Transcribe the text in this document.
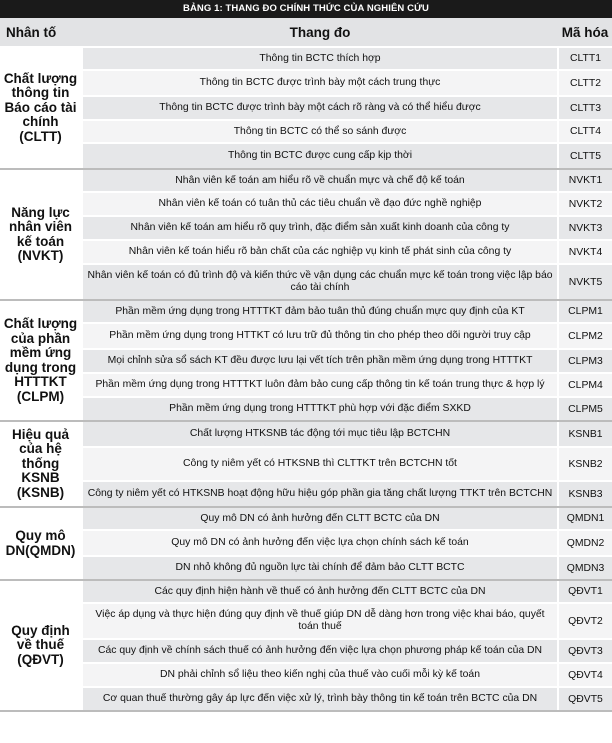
BẢNG 1: THANG ĐO CHÍNH THỨC CỦA NGHIÊN CỨU
Nhân tố	Thang đo	Mã hóa
Chất lượng thông tin Báo cáo tài chính (CLTT)	Thông tin BCTC thích hợp	CLTT1
	Thông tin BCTC được trình bày một cách trung thực	CLTT2
	Thông tin BCTC được trình bày một cách rõ ràng và có thể hiểu được	CLTT3
	Thông tin BCTC có thể so sánh được	CLTT4
	Thông tin BCTC được cung cấp kịp thời	CLTT5
Năng lực nhân viên kế toán (NVKT)	Nhân viên kế toán am hiểu rõ về chuẩn mực và chế độ kế toán	NVKT1
	Nhân viên kế toán có tuân thủ các tiêu chuẩn về đạo đức nghề nghiệp	NVKT2
	Nhân viên kế toán am hiểu rõ quy trình, đặc điểm sản xuất kinh doanh của công ty	NVKT3
	Nhân viên kế toán hiểu rõ bản chất của các nghiệp vụ kinh tế phát sinh của công ty	NVKT4
	Nhân viên kế toán có đủ trình độ và kiến thức về vận dụng các chuẩn mực kế toán trong việc lập báo cáo tài chính	NVKT5
Chất lượng của phần mềm ứng dụng trong HTTTKT (CLPM)	Phần mềm ứng dụng trong HTTTKT đảm bảo tuân thủ đúng chuẩn mực quy định của KT	CLPM1
	Phần mềm ứng dụng trong HTTKT có lưu trữ đủ thông tin cho phép theo dõi người truy cập	CLPM2
	Mọi chỉnh sửa sổ sách KT đều được lưu lại vết tích trên phần mềm ứng dụng trong HTTTKT	CLPM3
	Phần mềm ứng dụng trong HTTTKT luôn đảm bảo cung cấp thông tin kế toán trung thực & hợp lý	CLPM4
	Phần mềm ứng dụng trong HTTTKT phù hợp với đặc điểm SXKD	CLPM5
Hiệu quả của hệ thống KSNB (KSNB)	Chất lượng HTKSNB tác động tới mục tiêu lập BCTCHN	KSNB1
	Công ty niêm yết có HTKSNB thì CLTTKT trên BCTCHN tốt	KSNB2
	Công ty niêm yết có HTKSNB hoạt động hữu hiệu góp phần gia tăng chất lượng TTKT trên BCTCHN	KSNB3
Quy mô DN(QMDN)	Quy mô DN có ảnh hưởng đến CLTT BCTC của DN	QMDN1
	Quy mô DN có ảnh hưởng đến việc lựa chọn chính sách kế toán	QMDN2
	DN nhỏ không đủ nguồn lực tài chính để đảm bảo CLTT BCTC	QMDN3
Quy định về thuế (QĐVT)	Các quy định hiện hành về thuế có ảnh hưởng đến CLTT BCTC của DN	QĐVT1
	Việc áp dụng và thực hiện đúng quy định về thuế giúp DN dễ dàng hơn trong việc khai báo, quyết toán thuế	QĐVT2
	Các quy định về chính sách thuế có ảnh hưởng đến việc lựa chọn phương pháp kế toán của DN	QĐVT3
	DN phải chỉnh sổ liệu theo kiến nghị của thuế vào cuối mỗi kỳ kế toán	QĐVT4
	Cơ quan thuế thường gây áp lực đến việc xử lý, trình bày thông tin kế toán trên BCTC của DN	QĐVT5
